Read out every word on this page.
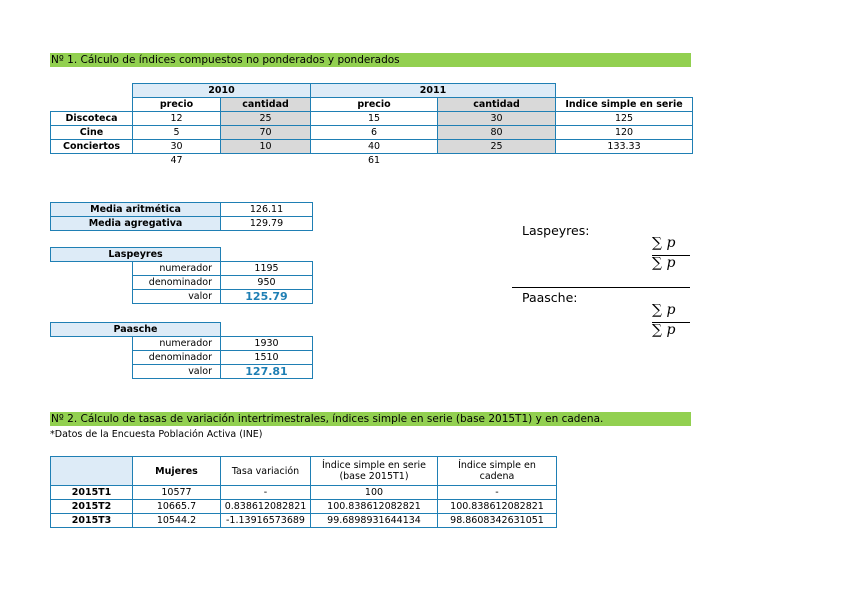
Nº 1. Cálculo de índices compuestos no ponderados y ponderados
	2010		2011		
	precio	cantidad	precio	cantidad	Indice simple en serie
Discoteca	12	25	15	30	125
Cine	5	70	6	80	120
Conciertos	30	10	40	25	133.33
	47		61		
Media aritmética	126.11
Media agregativa	129.79
Laspeyres		
	numerador	1195
	denominador	950
	valor	125.79
Paasche		
	numerador	1930
	denominador	1510
	valor	127.81
Laspeyres:
∑ p
∑ p
Paasche:
∑ p
∑ p
Nº 2. Cálculo de tasas de variación intertrimestrales, índices simple en serie (base 2015T1) y en cadena.
*Datos de la Encuesta Población Activa (INE)
	Mujeres	Tasa variación	Índice simple en serie (base 2015T1)	Índice simple en cadena
2015T1	10577	-	100	-
2015T2	10665.7	0.838612082821	100.838612082821	100.838612082821
2015T3	10544.2	-1.13916573689	99.6898931644134	98.8608342631051
